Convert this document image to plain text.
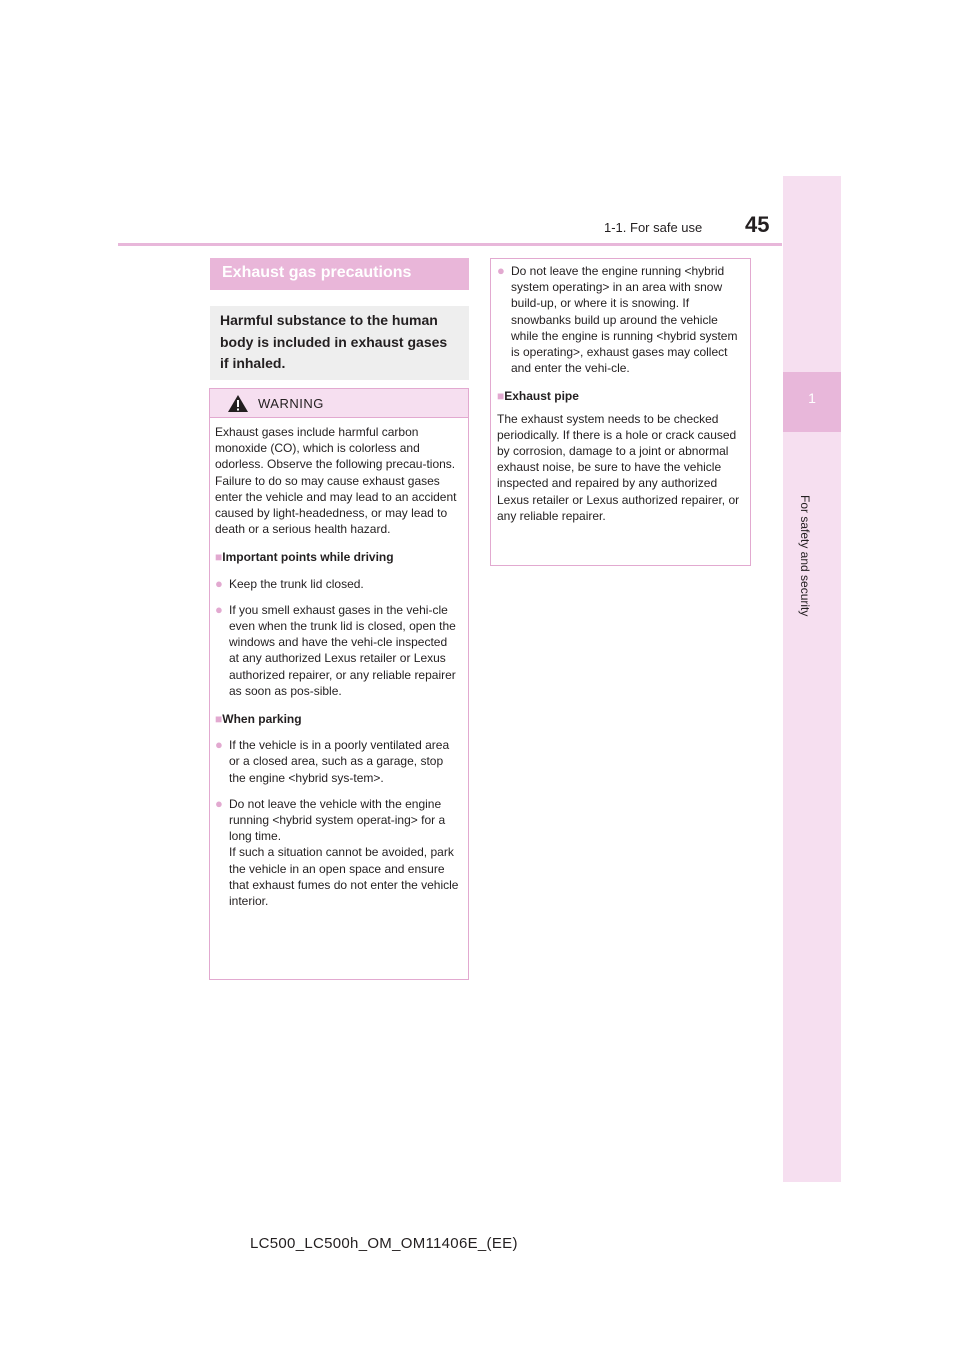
45
1-1. For safe use
1
For safety and security
Exhaust gas precautions
Harmful substance to the human body is included in exhaust gases if inhaled.
WARNING

Exhaust gases include harmful carbon monoxide (CO), which is colorless and odorless. Observe the following precau-tions.

Failure to do so may cause exhaust gases enter the vehicle and may lead to an accident caused by light-headedness, or may lead to death or a serious health hazard.

■Important points while driving
● Keep the trunk lid closed.
● If you smell exhaust gases in the vehi-cle even when the trunk lid is closed, open the windows and have the vehi-cle inspected at any authorized Lexus retailer or Lexus authorized repairer, or any reliable repairer as soon as pos-sible.
■When parking
● If the vehicle is in a poorly ventilated area or a closed area, such as a garage, stop the engine <hybrid sys-tem>.
● Do not leave the vehicle with the engine running <hybrid system operat-ing> for a long time.
If such a situation cannot be avoided, park the vehicle in an open space and ensure that exhaust fumes do not enter the vehicle interior.
● Do not leave the engine running <hybrid system operating> in an area with snow build-up, or where it is snowing. If snowbanks build up around the vehicle while the engine is running <hybrid system is operating>, exhaust gases may collect and enter the vehi-cle.
■Exhaust pipe

The exhaust system needs to be checked periodically. If there is a hole or crack caused by corrosion, damage to a joint or abnormal exhaust noise, be sure to have the vehicle inspected and repaired by any authorized Lexus retailer or Lexus authorized repairer, or any reliable repairer.

LC500_LC500h_OM_OM11406E_(EE)
